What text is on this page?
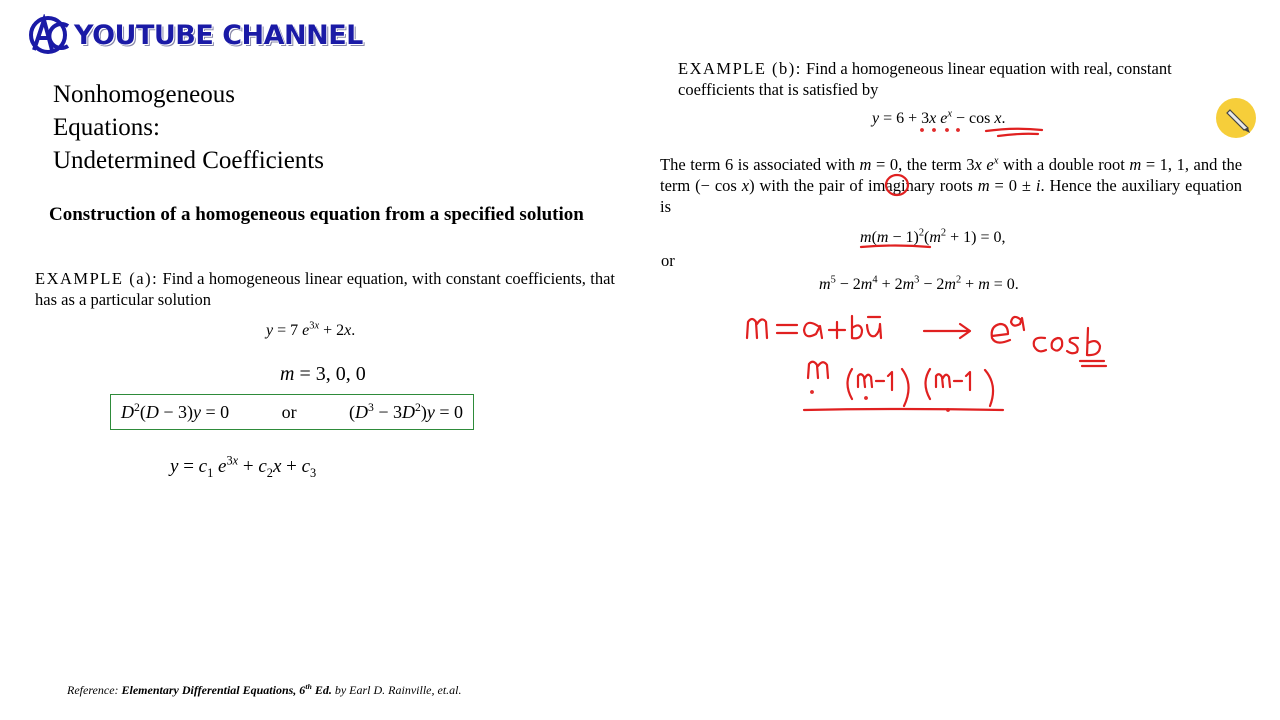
YOUTUBE CHANNEL
Nonhomogeneous
Equations:
Undetermined Coefficients
Construction of a homogeneous equation from a specified solution
EXAMPLE (a): Find a homogeneous linear equation, with constant coefficients, that has as a particular solution
y = 7 $e^{3x} + 2x$.
m = 3, 0, 0
$D^2(D - 3)y = 0$	or	$(D^3 - 3D^2)y = 0$
$y = c_1$ $e^{3x} + c_2x + c_3$
Reference: Elementary Differential Equations, 6th Ed. by Earl D. Rainville, et.al.
EXAMPLE (b): Find a homogeneous linear equation with real, constant coefficients that is satisfied by
y = 6 + 3x $e^x - \cos x$.
The term 6 is associated with m = 0, the term 3x $e^x$ with a double root m = 1, 1, and the term (− cos x) with the pair of imaginary roots m = 0 ± i. Hence the auxiliary equation is
$m(m - 1)^2(m^2 + 1) = 0$,
or
$m^5 - 2m^4 + 2m^3 - 2m^2 + m = 0$.
